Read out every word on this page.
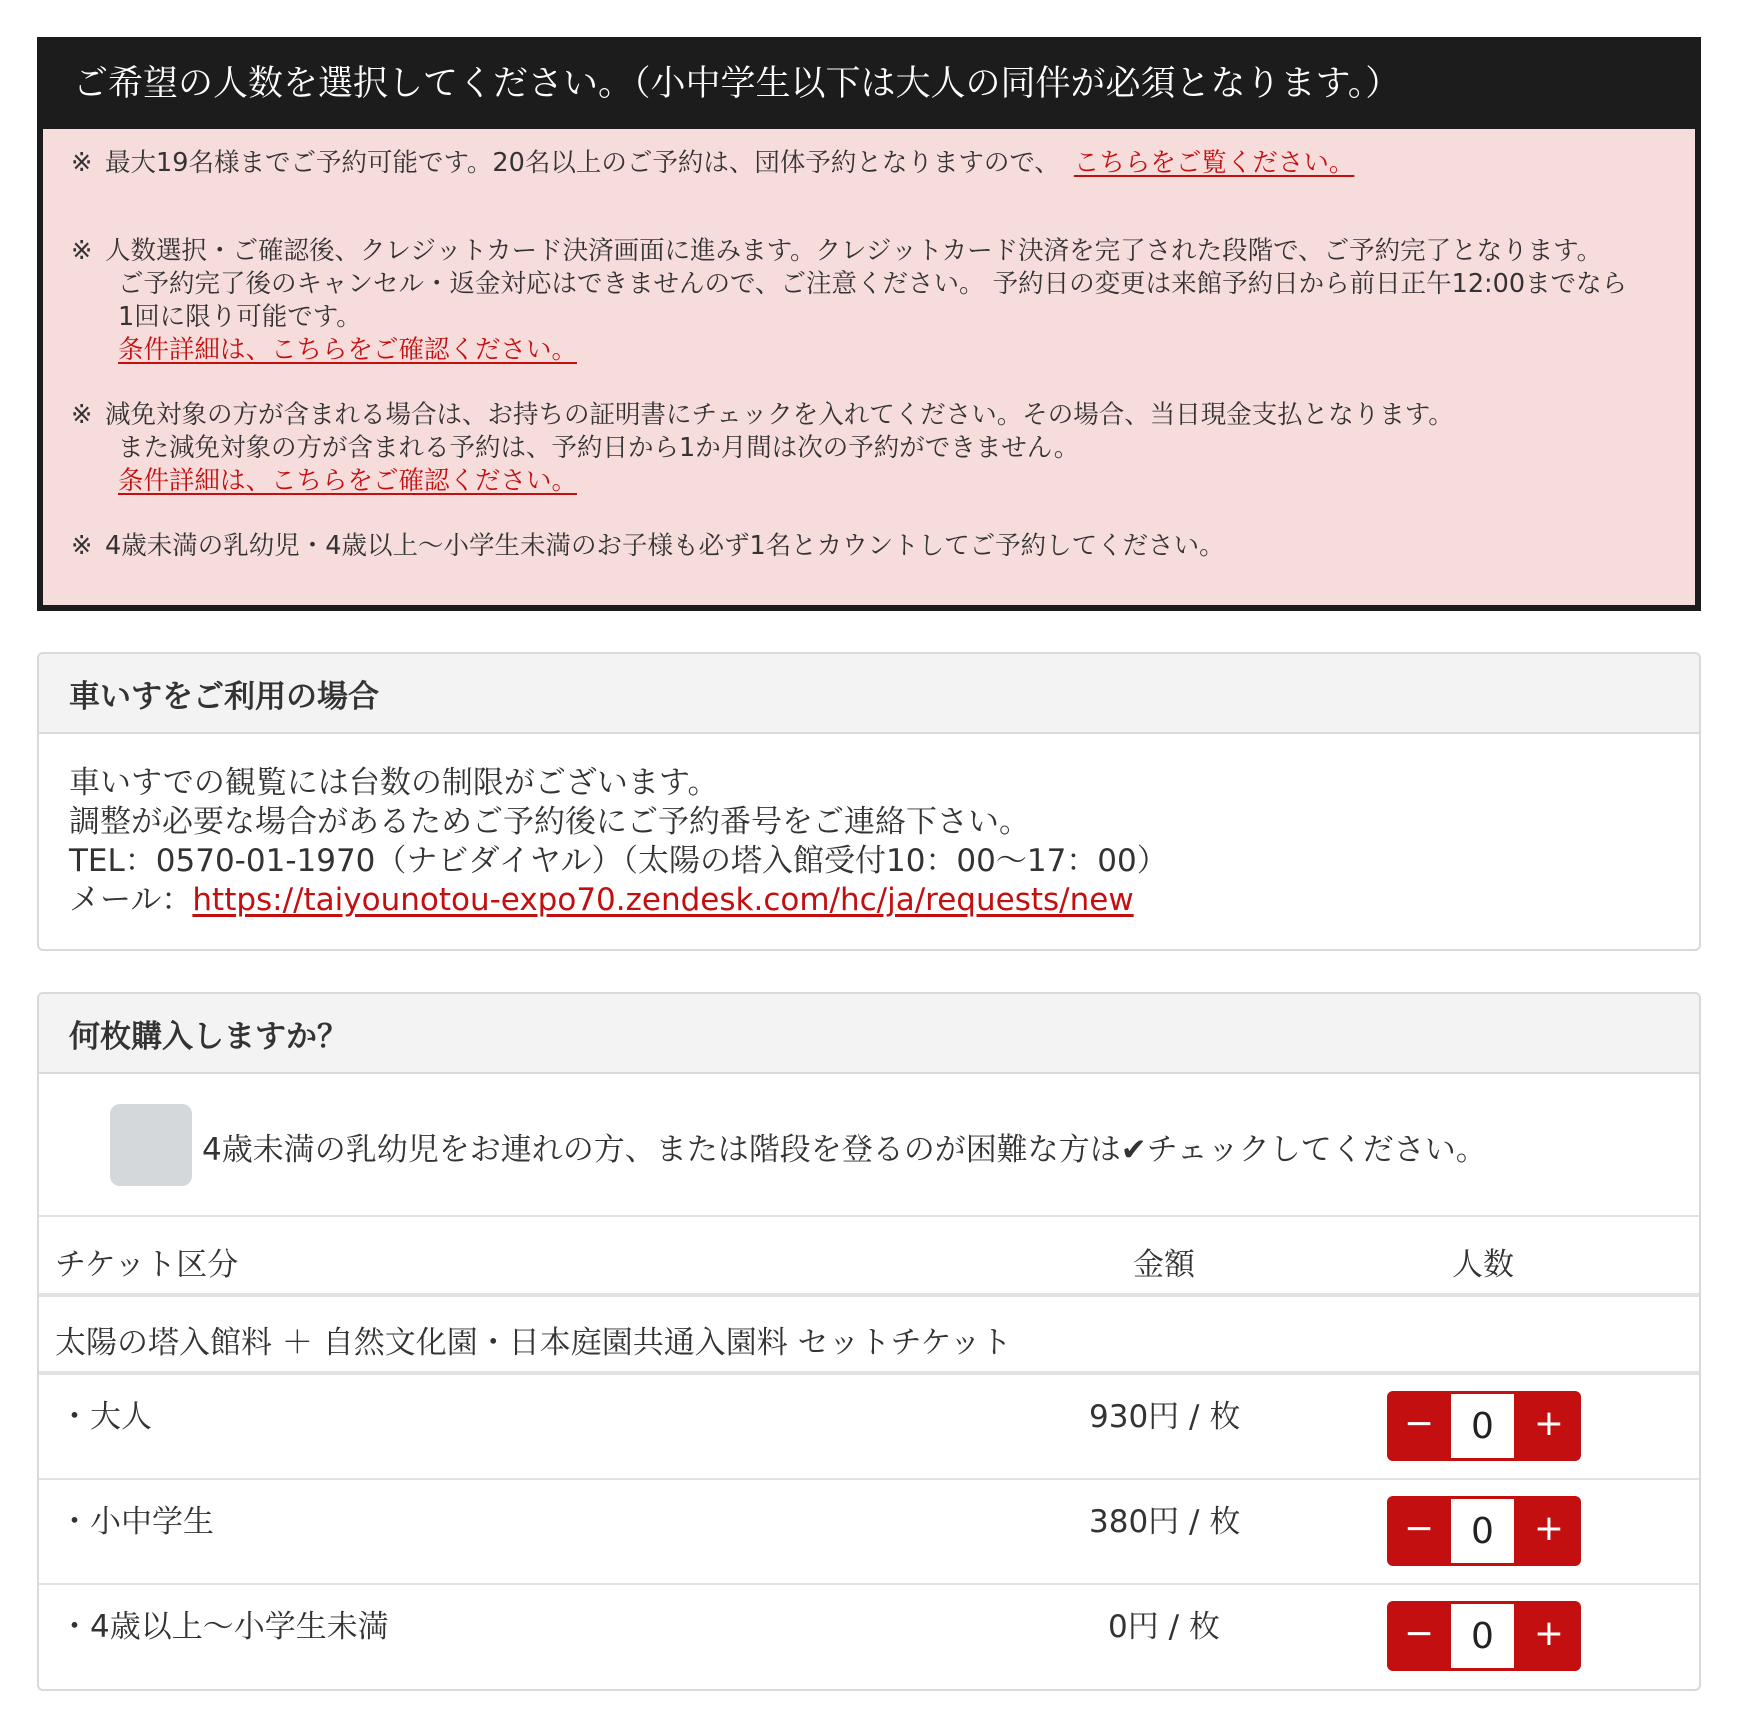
ご希望の人数を選択してください。（小中学生以下は大人の同伴が必須となります。）
※ 最大19名様までご予約可能です。20名以上のご予約は、団体予約となりますので、 こちらをご覧ください。
※ 人数選択・ご確認後、クレジットカード決済画面に進みます。クレジットカード決済を完了された段階で、ご予約完了となります。
ご予約完了後のキャンセル・返金対応はできませんので、ご注意ください。 予約日の変更は来館予約日から前日正午12:00までなら
1回に限り可能です。
条件詳細は、こちらをご確認ください。
※ 減免対象の方が含まれる場合は、お持ちの証明書にチェックを入れてください。その場合、当日現金支払となります。
また減免対象の方が含まれる予約は、予約日から1か月間は次の予約ができません。
条件詳細は、こちらをご確認ください。
※ 4歳未満の乳幼児・4歳以上～小学生未満のお子様も必ず1名とカウントしてご予約してください。
車いすをご利用の場合
車いすでの観覧には台数の制限がございます。
調整が必要な場合があるためご予約後にご予約番号をご連絡下さい。
TEL：0570-01-1970（ナビダイヤル）（太陽の塔入館受付10：00～17：00）
メール：https://taiyounotou-expo70.zendesk.com/hc/ja/requests/new
何枚購入しますか？
4歳未満の乳幼児をお連れの方、または階段を登るのが困難な方は✔チェックしてください。
チケット区分	金額	人数
太陽の塔入館料 ＋ 自然文化園・日本庭園共通入園料 セットチケット
・大人	930円 / 枚	−	0	+
・小中学生	380円 / 枚	−	0	+
・4歳以上～小学生未満	0円 / 枚	−	0	+
